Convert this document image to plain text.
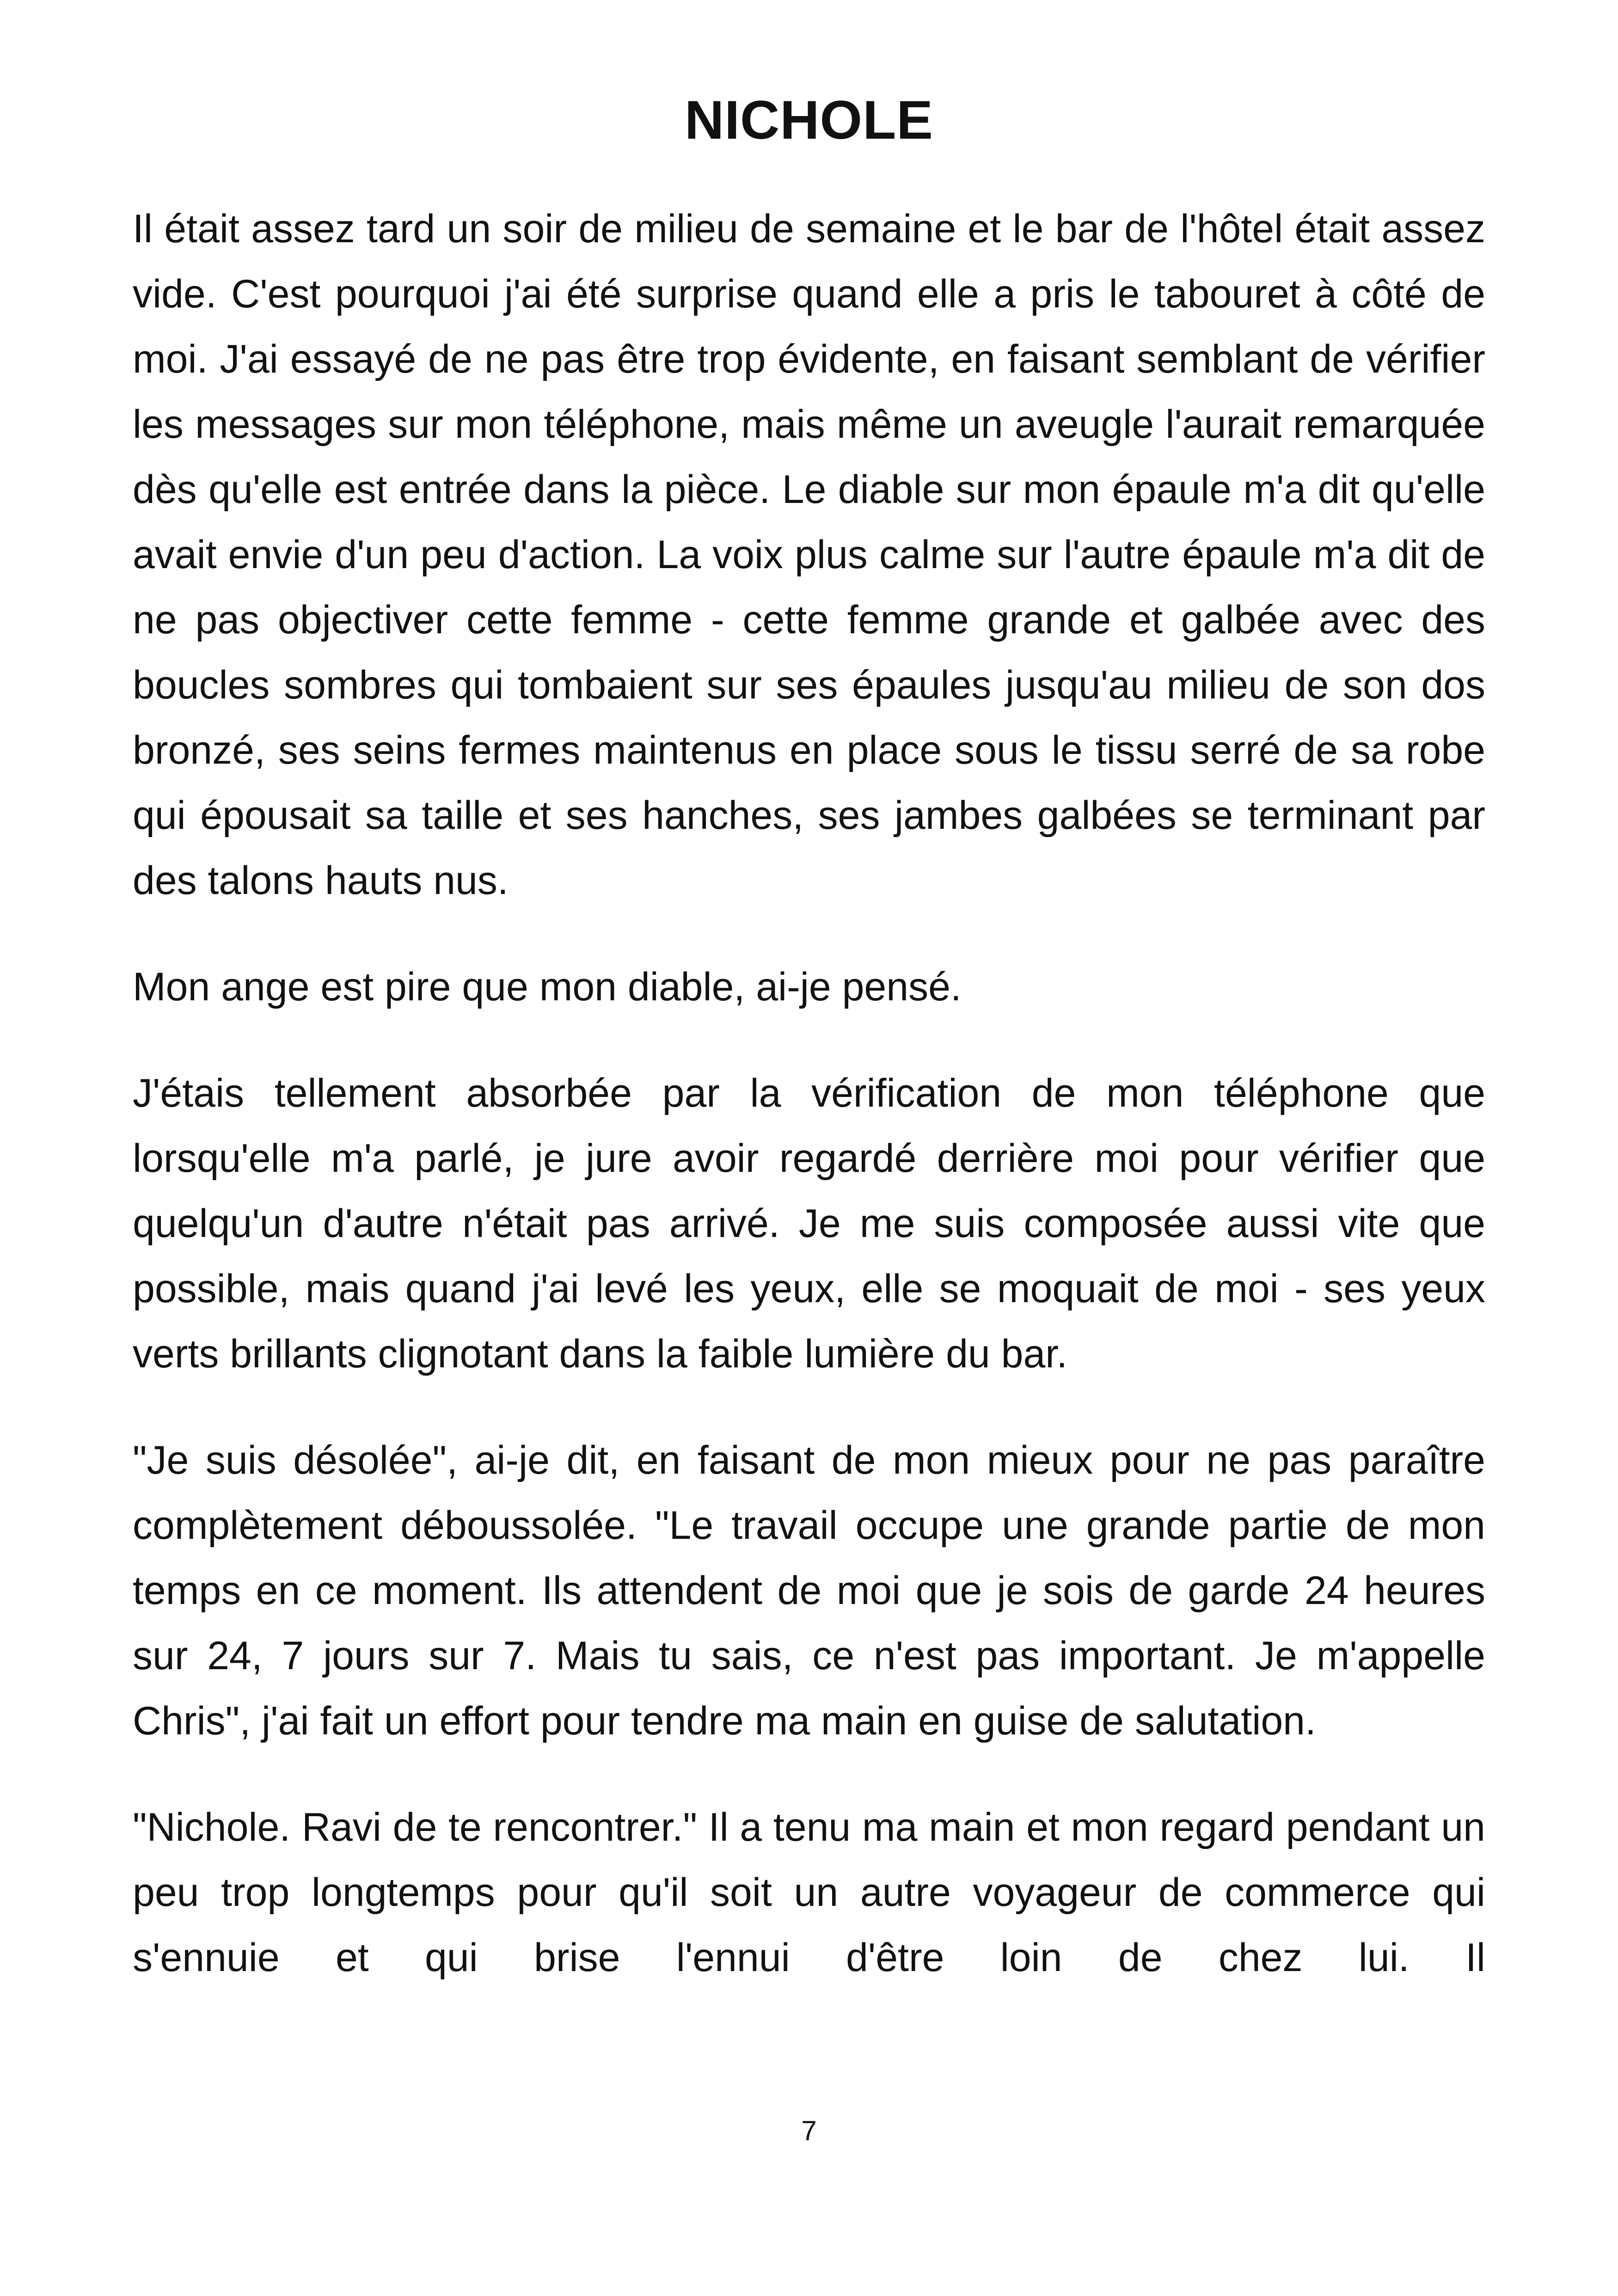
NICHOLE

Il était assez tard un soir de milieu de semaine et le bar de l'hôtel était assez vide. C'est pourquoi j'ai été surprise quand elle a pris le tabouret à côté de moi. J'ai essayé de ne pas être trop évidente, en faisant semblant de vérifier les messages sur mon téléphone, mais même un aveugle l'aurait remarquée dès qu'elle est entrée dans la pièce. Le diable sur mon épaule m'a dit qu'elle avait envie d'un peu d'action. La voix plus calme sur l'autre épaule m'a dit de ne pas objectiver cette femme - cette femme grande et galbée avec des boucles sombres qui tombaient sur ses épaules jusqu'au milieu de son dos bronzé, ses seins fermes maintenus en place sous le tissu serré de sa robe qui épousait sa taille et ses hanches, ses jambes galbées se terminant par des talons hauts nus.

Mon ange est pire que mon diable, ai-je pensé.

J'étais tellement absorbée par la vérification de mon téléphone que lorsqu'elle m'a parlé, je jure avoir regardé derrière moi pour vérifier que quelqu'un d'autre n'était pas arrivé. Je me suis composée aussi vite que possible, mais quand j'ai levé les yeux, elle se moquait de moi - ses yeux verts brillants clignotant dans la faible lumière du bar.

"Je suis désolée", ai-je dit, en faisant de mon mieux pour ne pas paraître complètement déboussolée. "Le travail occupe une grande partie de mon temps en ce moment. Ils attendent de moi que je sois de garde 24 heures sur 24, 7 jours sur 7. Mais tu sais, ce n'est pas important. Je m'appelle Chris", j'ai fait un effort pour tendre ma main en guise de salutation.

"Nichole. Ravi de te rencontrer." Il a tenu ma main et mon regard pendant un peu trop longtemps pour qu'il soit un autre voyageur de commerce qui s'ennuie et qui brise l'ennui d'être loin de chez lui. Il

7
